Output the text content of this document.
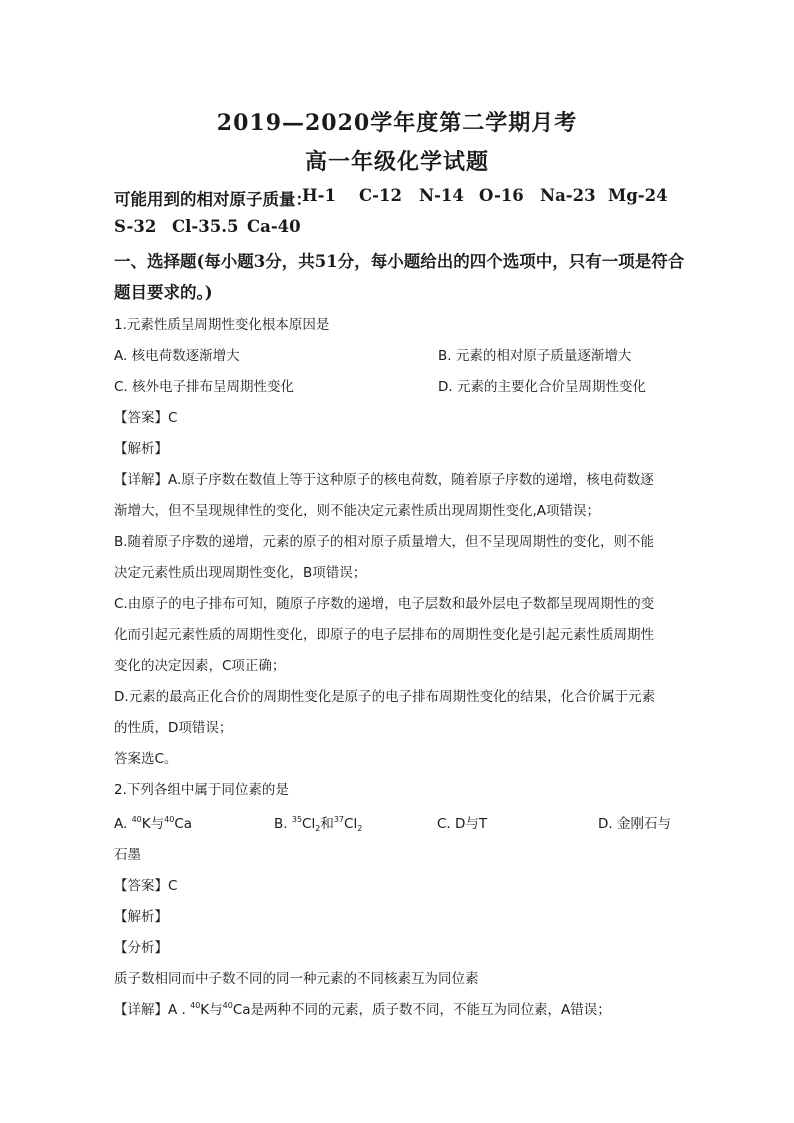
2019—2020学年度第二学期月考
高一年级化学试题
可能用到的相对原子质量：
H-1 C-12 N-14 O-16 Na-23 Mg-24
S-32 Cl-35.5 Ca-40
一、选择题(每小题3分，共51分，每小题给出的四个选项中，只有一项是符合
题目要求的。)
1.元素性质呈周期性变化根本原因是
A. 核电荷数逐渐增大	B. 元素的相对原子质量逐渐增大
C. 核外电子排布呈周期性变化	D. 元素的主要化合价呈周期性变化
【答案】C
【解析】
【详解】A.原子序数在数值上等于这种原子的核电荷数，随着原子序数的递增，核电荷数逐
渐增大，但不呈现规律性的变化，则不能决定元素性质出现周期性变化,A项错误；
B.随着原子序数的递增，元素的原子的相对原子质量增大，但不呈现周期性的变化，则不能
决定元素性质出现周期性变化，B项错误；
C.由原子的电子排布可知，随原子序数的递增，电子层数和最外层电子数都呈现周期性的变
化而引起元素性质的周期性变化，即原子的电子层排布的周期性变化是引起元素性质周期性
变化的决定因素，C项正确；
D.元素的最高正化合价的周期性变化是原子的电子排布周期性变化的结果，化合价属于元素
的性质，D项错误；
答案选C。
2.下列各组中属于同位素的是
A. $^{40}$K与$^{40}$Ca	B. $^{35}Cl_2$和$^{37}Cl_2$	C. D与T	D. 金刚石与
石墨
【答案】C
【解析】
【分析】
质子数相同而中子数不同的同一种元素的不同核素互为同位素
【详解】A . $^{40}$K与$^{40}$Ca是两种不同的元素，质子数不同，不能互为同位素，A错误；
